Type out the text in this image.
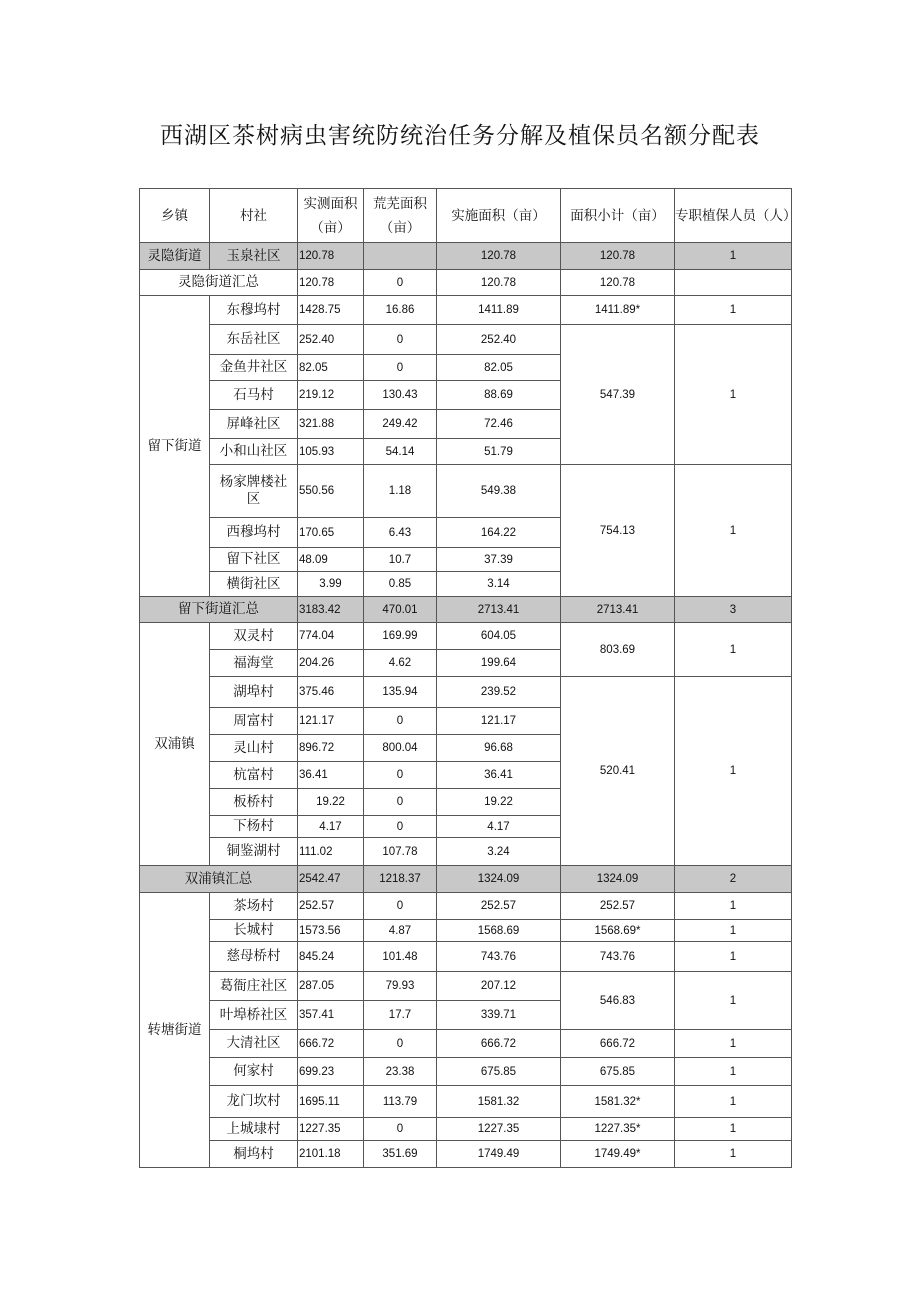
西湖区茶树病虫害统防统治任务分解及植保员名额分配表
乡镇	村社	实测面积（亩）	荒芜面积（亩）	实施面积（亩）	面积小计（亩）	专职植保人员（人）
灵隐街道	玉泉社区	120.78		120.78	120.78	1
灵隐街道汇总		120.78	0	120.78	120.78	
留下街道	东穆坞村	1428.75	16.86	1411.89	1411.89*	1
	东岳社区	252.40	0	252.40	547.39	1
	金鱼井社区	82.05	0	82.05		
	石马村	219.12	130.43	88.69		
	屏峰社区	321.88	249.42	72.46		
	小和山社区	105.93	54.14	51.79		
	杨家牌楼社区	550.56	1.18	549.38	754.13	1
	西穆坞村	170.65	6.43	164.22		
	留下社区	48.09	10.7	37.39		
	横街社区	3.99	0.85	3.14		
留下街道汇总		3183.42	470.01	2713.41	2713.41	3
双浦镇	双灵村	774.04	169.99	604.05	803.69	1
	福海堂	204.26	4.62	199.64		
	湖埠村	375.46	135.94	239.52	520.41	1
	周富村	121.17	0	121.17		
	灵山村	896.72	800.04	96.68		
	杭富村	36.41	0	36.41		
	板桥村	19.22	0	19.22		
	下杨村	4.17	0	4.17		
	铜鉴湖村	111.02	107.78	3.24		
双浦镇汇总		2542.47	1218.37	1324.09	1324.09	2
转塘街道	茶场村	252.57	0	252.57	252.57	1
	长城村	1573.56	4.87	1568.69	1568.69*	1
	慈母桥村	845.24	101.48	743.76	743.76	1
	葛衙庄社区	287.05	79.93	207.12	546.83	1
	叶埠桥社区	357.41	17.7	339.71		
	大清社区	666.72	0	666.72	666.72	1
	何家村	699.23	23.38	675.85	675.85	1
	龙门坎村	1695.11	113.79	1581.32	1581.32*	1
	上城埭村	1227.35	0	1227.35	1227.35*	1
	桐坞村	2101.18	351.69	1749.49	1749.49*	1
